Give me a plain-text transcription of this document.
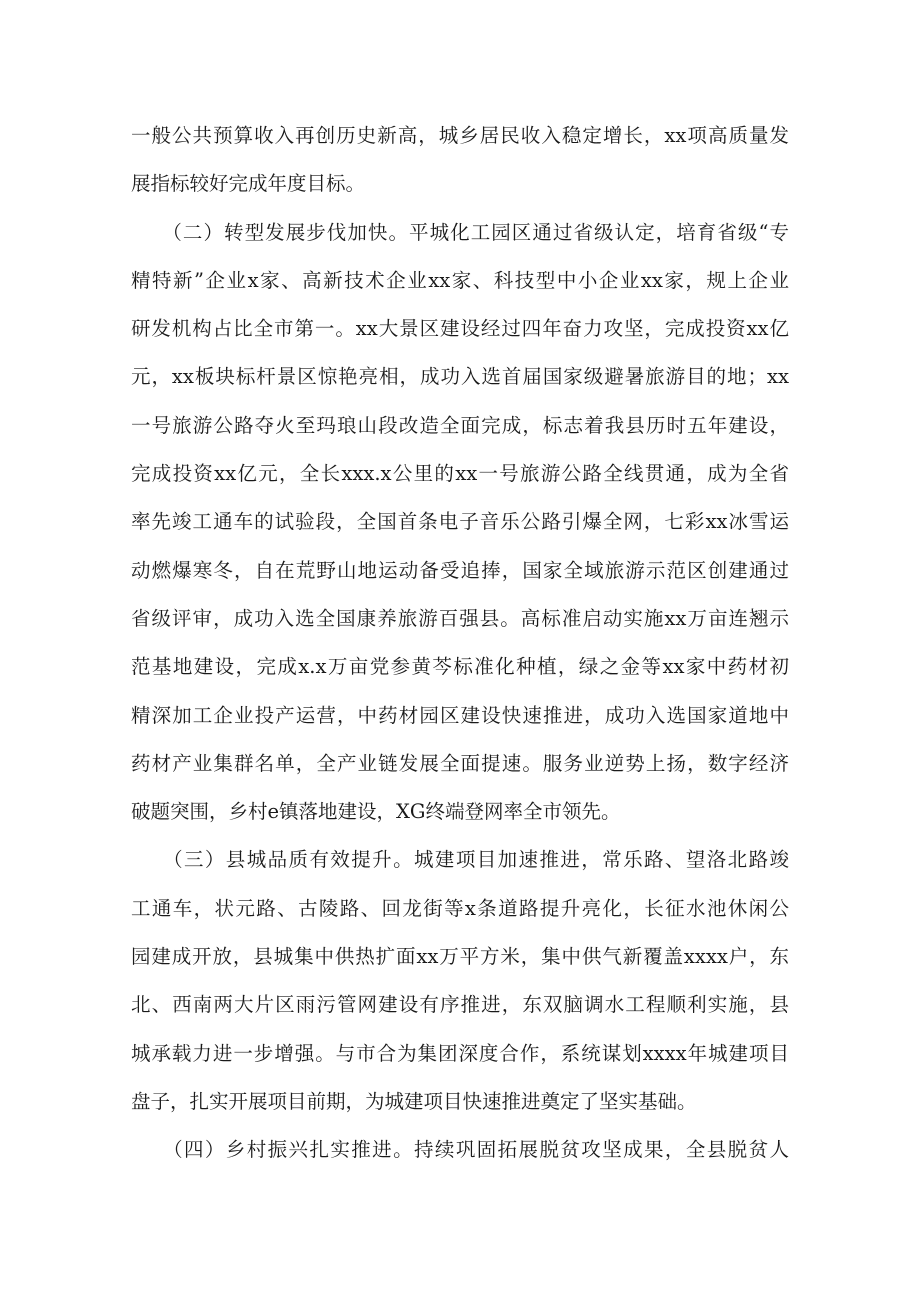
一般公共预算收入再创历史新高，城乡居民收入稳定增长，xx项高质量发
展指标较好完成年度目标。
　　（二）转型发展步伐加快。平城化工园区通过省级认定，培育省级“专
精特新”企业x家、高新技术企业xx家、科技型中小企业xx家，规上企业
研发机构占比全市第一。xx大景区建设经过四年奋力攻坚，完成投资xx亿
元，xx板块标杆景区惊艳亮相，成功入选首届国家级避暑旅游目的地；xx
一号旅游公路夺火至玛琅山段改造全面完成，标志着我县历时五年建设，
完成投资xx亿元，全长xxx.x公里的xx一号旅游公路全线贯通，成为全省
率先竣工通车的试验段，全国首条电子音乐公路引爆全网，七彩xx冰雪运
动燃爆寒冬，自在荒野山地运动备受追捧，国家全域旅游示范区创建通过
省级评审，成功入选全国康养旅游百强县。高标准启动实施xx万亩连翘示
范基地建设，完成x.x万亩党参黄芩标准化种植，绿之金等xx家中药材初
精深加工企业投产运营，中药材园区建设快速推进，成功入选国家道地中
药材产业集群名单，全产业链发展全面提速。服务业逆势上扬，数字经济
破题突围，乡村e镇落地建设，XG终端登网率全市领先。
　　（三）县城品质有效提升。城建项目加速推进，常乐路、望洛北路竣
工通车，状元路、古陵路、回龙街等x条道路提升亮化，长征水池休闲公
园建成开放，县城集中供热扩面xx万平方米，集中供气新覆盖xxxx户，东
北、西南两大片区雨污管网建设有序推进，东双脑调水工程顺利实施，县
城承载力进一步增强。与市合为集团深度合作，系统谋划xxxx年城建项目
盘子，扎实开展项目前期，为城建项目快速推进奠定了坚实基础。
　　（四）乡村振兴扎实推进。持续巩固拓展脱贫攻坚成果，全县脱贫人
